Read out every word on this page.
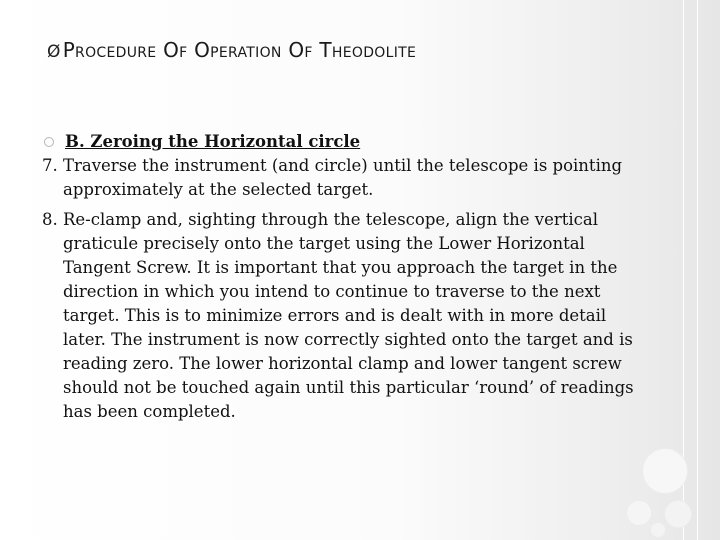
Ø Procedure Of Operation Of Theodolite
B. Zeroing the Horizontal circle

7. Traverse the instrument (and circle) until the telescope is pointing approximately at the selected target.

8. Re-clamp and, sighting through the telescope, align the vertical graticule precisely onto the target using the Lower Horizontal Tangent Screw. It is important that you approach the target in the direction in which you intend to continue to traverse to the next target. This is to minimize errors and is dealt with in more detail later. The instrument is now correctly sighted onto the target and is reading zero. The lower horizontal clamp and lower tangent screw should not be touched again until this particular ‘round’ of readings has been completed.
